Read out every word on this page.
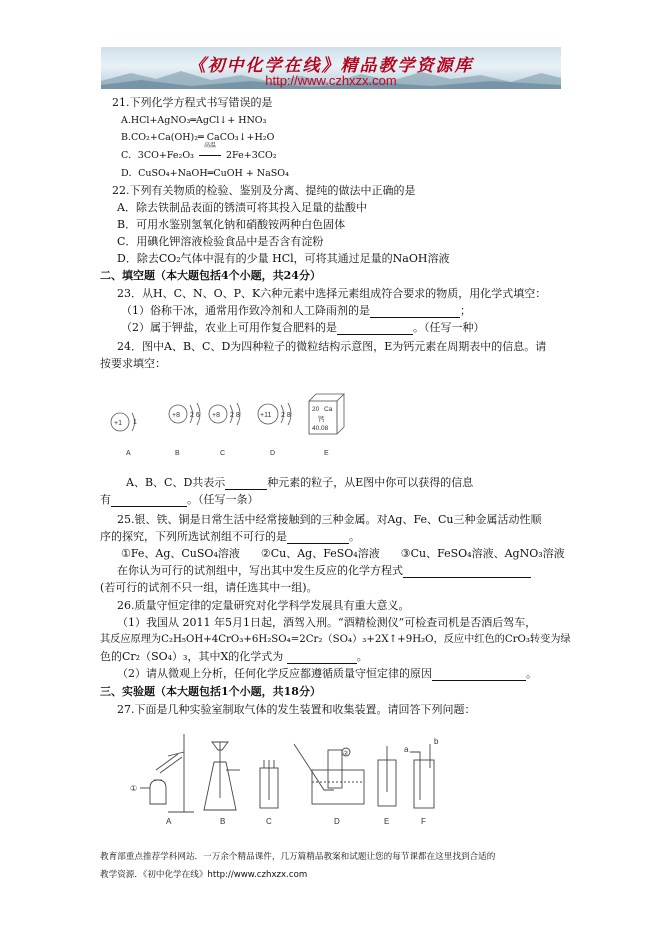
《初中化学在线》精品教学资源库
http://www.czhxzx.com
21.下列化学方程式书写错误的是
A.HCl+AgNO₃═AgCl↓+ HNO₃
B.CO₂+Ca(OH)₂═ CaCO₃↓+H₂O
C．3CO+Fe₂O₃
高温
2Fe+3CO₂
D．CuSO₄+NaOH═CuOH + NaSO₄
22.下列有关物质的检验、鉴别及分离、提纯的做法中正确的是
A．除去铁制品表面的锈渍可将其投入足量的盐酸中
B．可用水鉴别氢氧化钠和硝酸铵两种白色固体
C．用碘化钾溶液检验食品中是否含有淀粉
D．除去CO₂气体中混有的少量 HCl，可将其通过足量的NaOH溶液
二、填空题（本大题包括4个小题，共24分）
23．从H、C、N、O、P、K六种元素中选择元素组成符合要求的物质，用化学式填空：
（1）俗称干冰，通常用作致冷剂和人工降雨剂的是	；
（2）属于钾盐，农业上可用作复合肥料的是	。（任写一种）
24．图中A、B、C、D为四种粒子的微粒结构示意图，E为钙元素在周期表中的信息。请
按要求填空：
+1 1
+8 2 6 +8 2 8	+11 2 8
20 Ca
钙
40.08
A	B	C	D	E
A、B、C、D共表示	种元素的粒子，从E图中你可以获得的信息
有	。（任写一条）
25.银、铁、铜是日常生活中经常接触到的三种金属。对Ag、Fe、Cu三种金属活动性顺
序的探究，下列所选试剂组不可行的是	。
①Fe、Ag、CuSO₄溶液 ②Cu、Ag、FeSO₄溶液 ③Cu、FeSO₄溶液、AgNO₃溶液
在你认为可行的试剂组中，写出其中发生反应的化学方程式
(若可行的试剂不只一组，请任选其中一组)。
26.质量守恒定律的定量研究对化学科学发展具有重大意义。
（1）我国从 2011 年5月1日起，酒驾入刑。“酒精检测仪”可检查司机是否酒后驾车，
其反应原理为C₂H₅OH+4CrO₃+6H₂SO₄=2Cr₂（SO₄）₃+2X↑+9H₂O，反应中红色的CrO₃转变为绿
色的Cr₂（SO₄）₃，其中X的化学式为	。
（2）请从微观上分析，任何化学反应都遵循质量守恒定律的原因	。
三、实验题（本大题包括1个小题，共18分）
27.下面是几种实验室制取气体的发生装置和收集装置。请回答下列问题：
①
②	a
b
A	B	C	D	E	F
教育部重点推荐学科网站．一万余个精品课件，几万篇精品教案和试题让您的每节课都在这里找到合适的
教学资源．《初中化学在线》http://www.czhxzx.com
